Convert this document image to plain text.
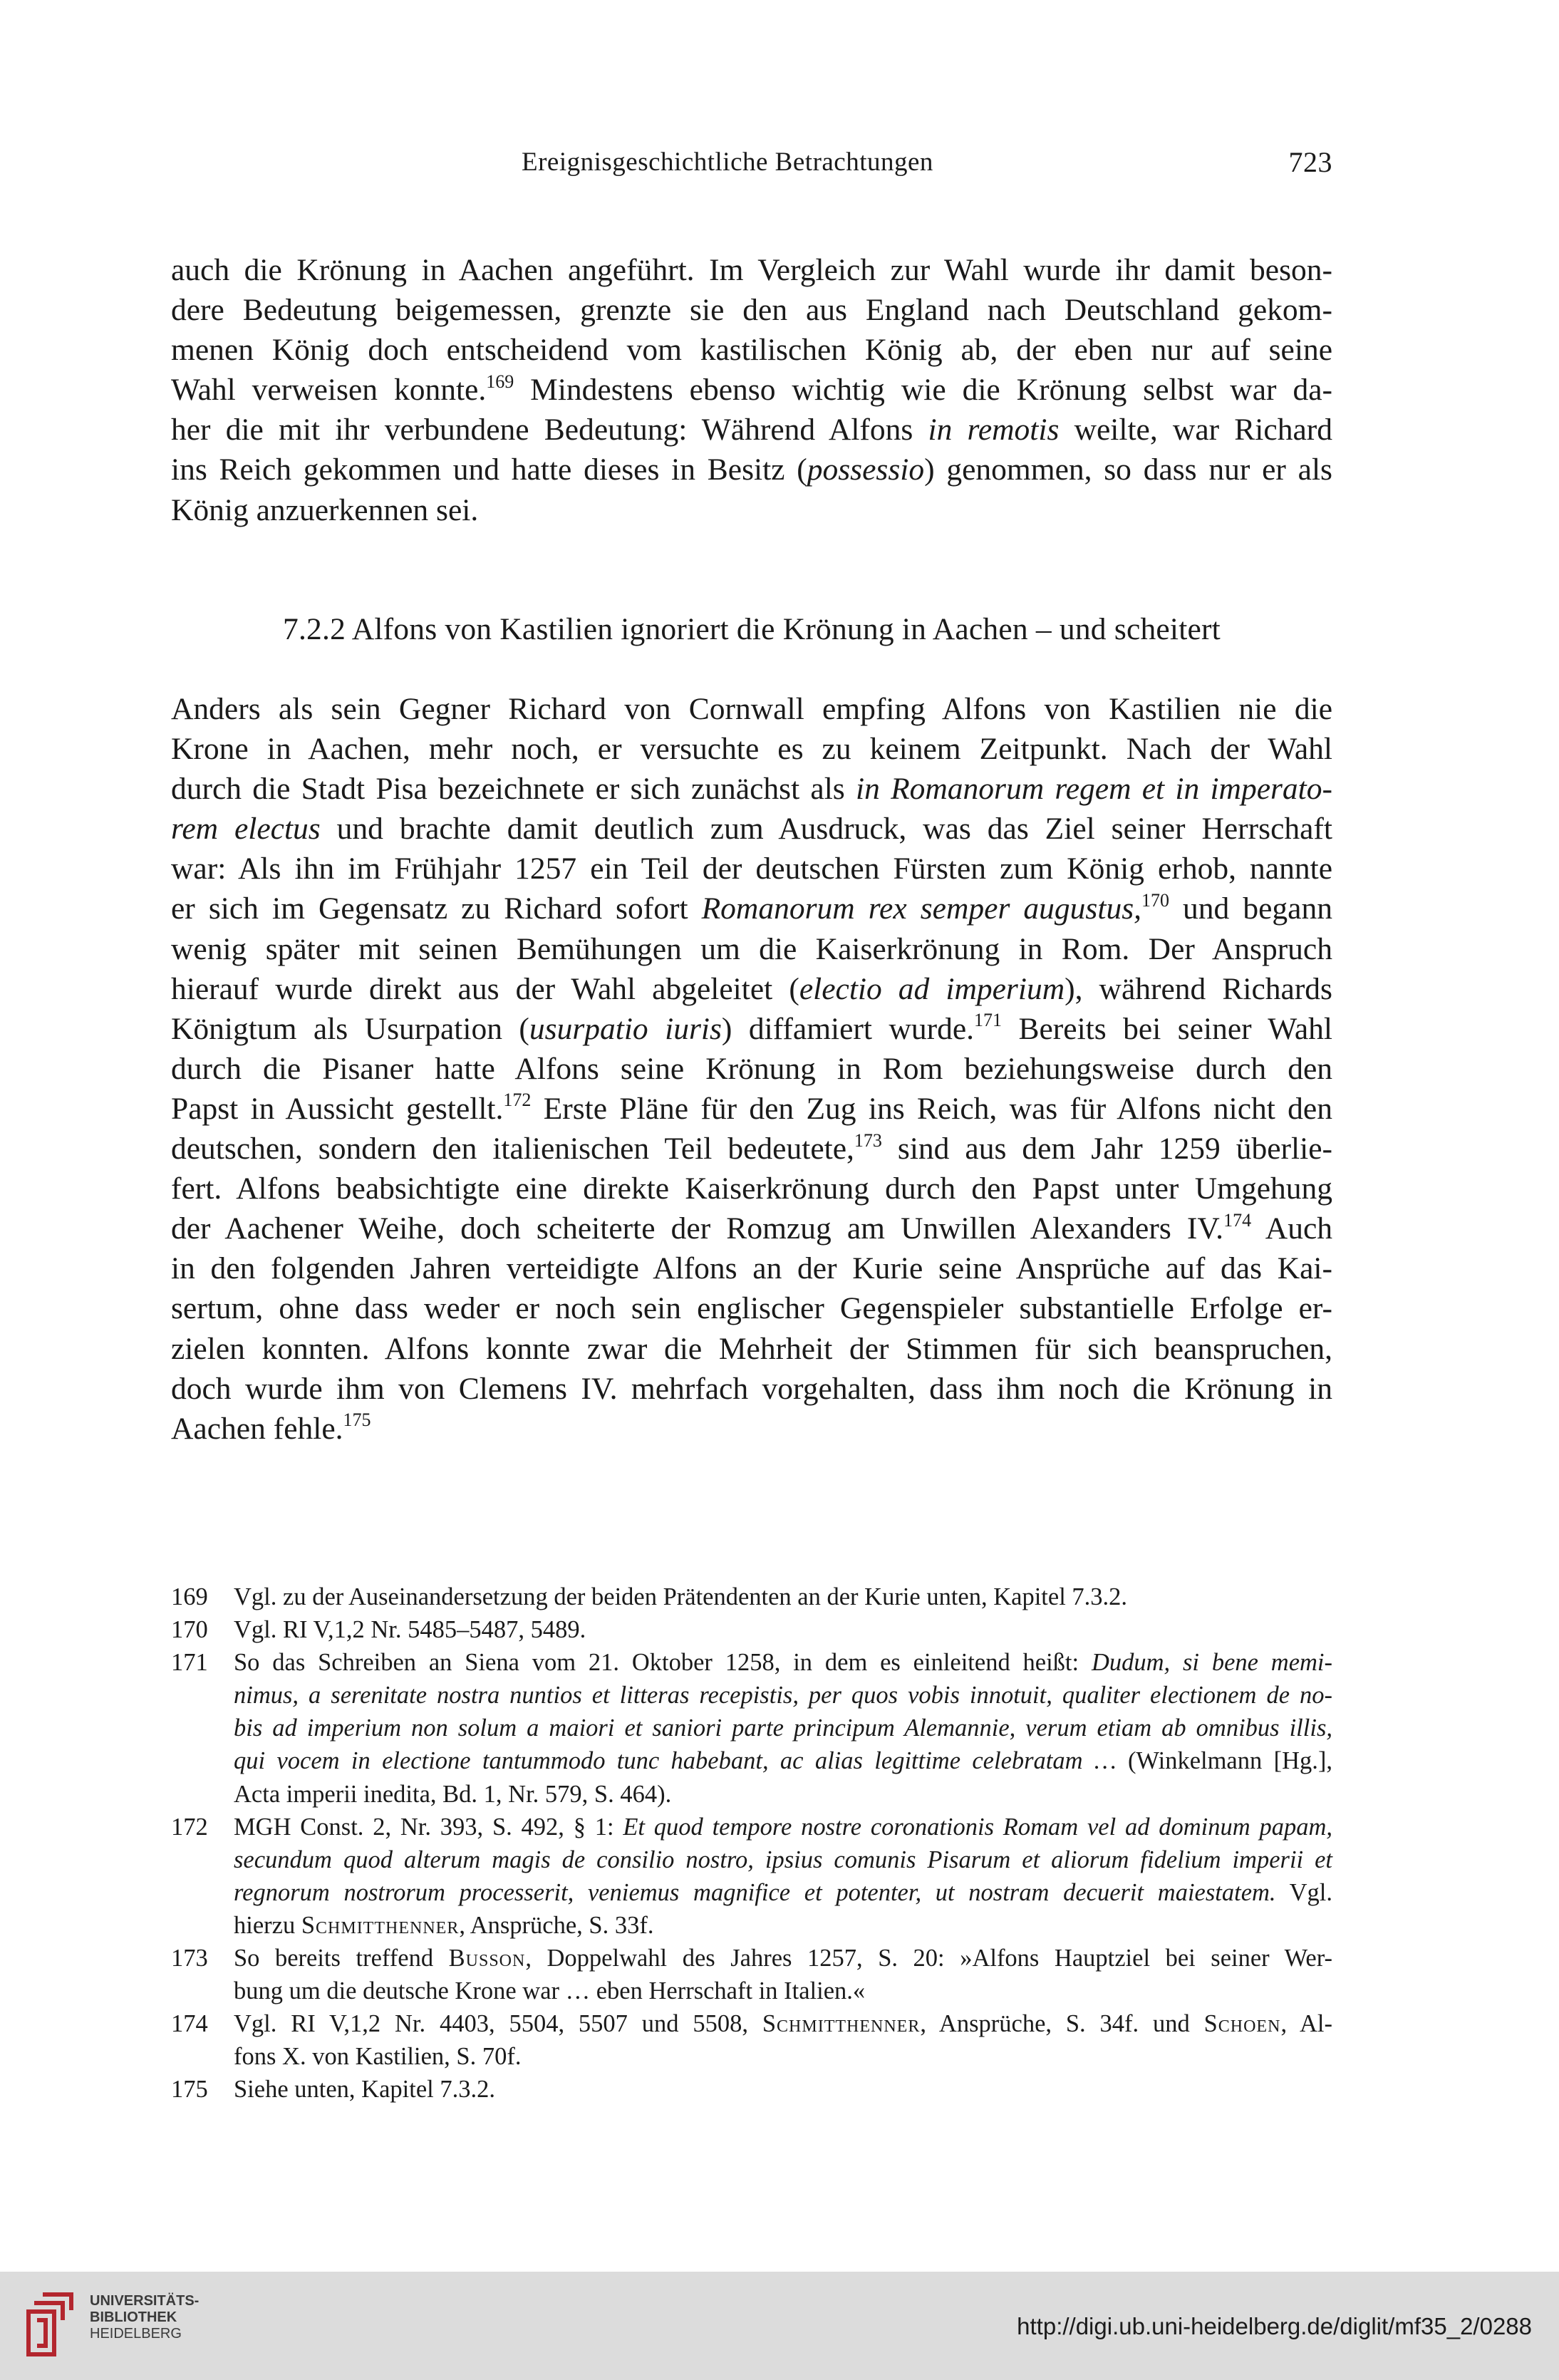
Ereignisgeschichtliche Betrachtungen	723
auch die Krönung in Aachen angeführt. Im Vergleich zur Wahl wurde ihr damit beson-
dere Bedeutung beigemessen, grenzte sie den aus England nach Deutschland gekom-
menen König doch entscheidend vom kastilischen König ab, der eben nur auf seine
Wahl verweisen konnte.$^{169}$ Mindestens ebenso wichtig wie die Krönung selbst war da-
her die mit ihr verbundene Bedeutung: Während Alfons in remotis weilte, war Richard
ins Reich gekommen und hatte dieses in Besitz (possessio) genommen, so dass nur er als
König anzuerkennen sei.
7.2.2 Alfons von Kastilien ignoriert die Krönung in Aachen – und scheitert
Anders als sein Gegner Richard von Cornwall empfing Alfons von Kastilien nie die
Krone in Aachen, mehr noch, er versuchte es zu keinem Zeitpunkt. Nach der Wahl
durch die Stadt Pisa bezeichnete er sich zunächst als in Romanorum regem et in imperato-
rem electus und brachte damit deutlich zum Ausdruck, was das Ziel seiner Herrschaft
war: Als ihn im Frühjahr 1257 ein Teil der deutschen Fürsten zum König erhob, nannte
er sich im Gegensatz zu Richard sofort Romanorum rex semper augustus,$^{170}$ und begann
wenig später mit seinen Bemühungen um die Kaiserkrönung in Rom. Der Anspruch
hierauf wurde direkt aus der Wahl abgeleitet (electio ad imperium), während Richards
Königtum als Usurpation (usurpatio iuris) diffamiert wurde.$^{171}$ Bereits bei seiner Wahl
durch die Pisaner hatte Alfons seine Krönung in Rom beziehungsweise durch den
Papst in Aussicht gestellt.$^{172}$ Erste Pläne für den Zug ins Reich, was für Alfons nicht den
deutschen, sondern den italienischen Teil bedeutete,$^{173}$ sind aus dem Jahr 1259 überlie-
fert. Alfons beabsichtigte eine direkte Kaiserkrönung durch den Papst unter Umgehung
der Aachener Weihe, doch scheiterte der Romzug am Unwillen Alexanders IV.$^{174}$ Auch
in den folgenden Jahren verteidigte Alfons an der Kurie seine Ansprüche auf das Kai-
sertum, ohne dass weder er noch sein englischer Gegenspieler substantielle Erfolge er-
zielen konnten. Alfons konnte zwar die Mehrheit der Stimmen für sich beanspruchen,
doch wurde ihm von Clemens IV. mehrfach vorgehalten, dass ihm noch die Krönung in
Aachen fehle.$^{175}$
169 Vgl. zu der Auseinandersetzung der beiden Prätendenten an der Kurie unten, Kapitel 7.3.2.
170 Vgl. RI V,1,2 Nr. 5485–5487, 5489.
171 So das Schreiben an Siena vom 21. Oktober 1258, in dem es einleitend heißt: Dudum, si bene memi-
nimus, a serenitate nostra nuntios et litteras recepistis, per quos vobis innotuit, qualiter electionem de no-
bis ad imperium non solum a maiori et saniori parte principum Alemannie, verum etiam ab omnibus illis,
qui vocem in electione tantummodo tunc habebant, ac alias legittime celebratam … (Winkelmann [Hg.],
Acta imperii inedita, Bd. 1, Nr. 579, S. 464).
172 MGH Const. 2, Nr. 393, S. 492, § 1: Et quod tempore nostre coronationis Romam vel ad dominum papam,
secundum quod alterum magis de consilio nostro, ipsius comunis Pisarum et aliorum fidelium imperii et
regnorum nostrorum processerit, veniemus magnifice et potenter, ut nostram decuerit maiestatem. Vgl.
hierzu Schmitthenner, Ansprüche, S. 33f.
173 So bereits treffend Busson, Doppelwahl des Jahres 1257, S. 20: »Alfons Hauptziel bei seiner Wer-
bung um die deutsche Krone war … eben Herrschaft in Italien.«
174 Vgl. RI V,1,2 Nr. 4403, 5504, 5507 und 5508, Schmitthenner, Ansprüche, S. 34f. und Schoen, Al-
fons X. von Kastilien, S. 70f.
175 Siehe unten, Kapitel 7.3.2.
UNIVERSITÄTS-
BIBLIOTHEK
HEIDELBERG	http://digi.ub.uni-heidelberg.de/diglit/mf35_2/0288
